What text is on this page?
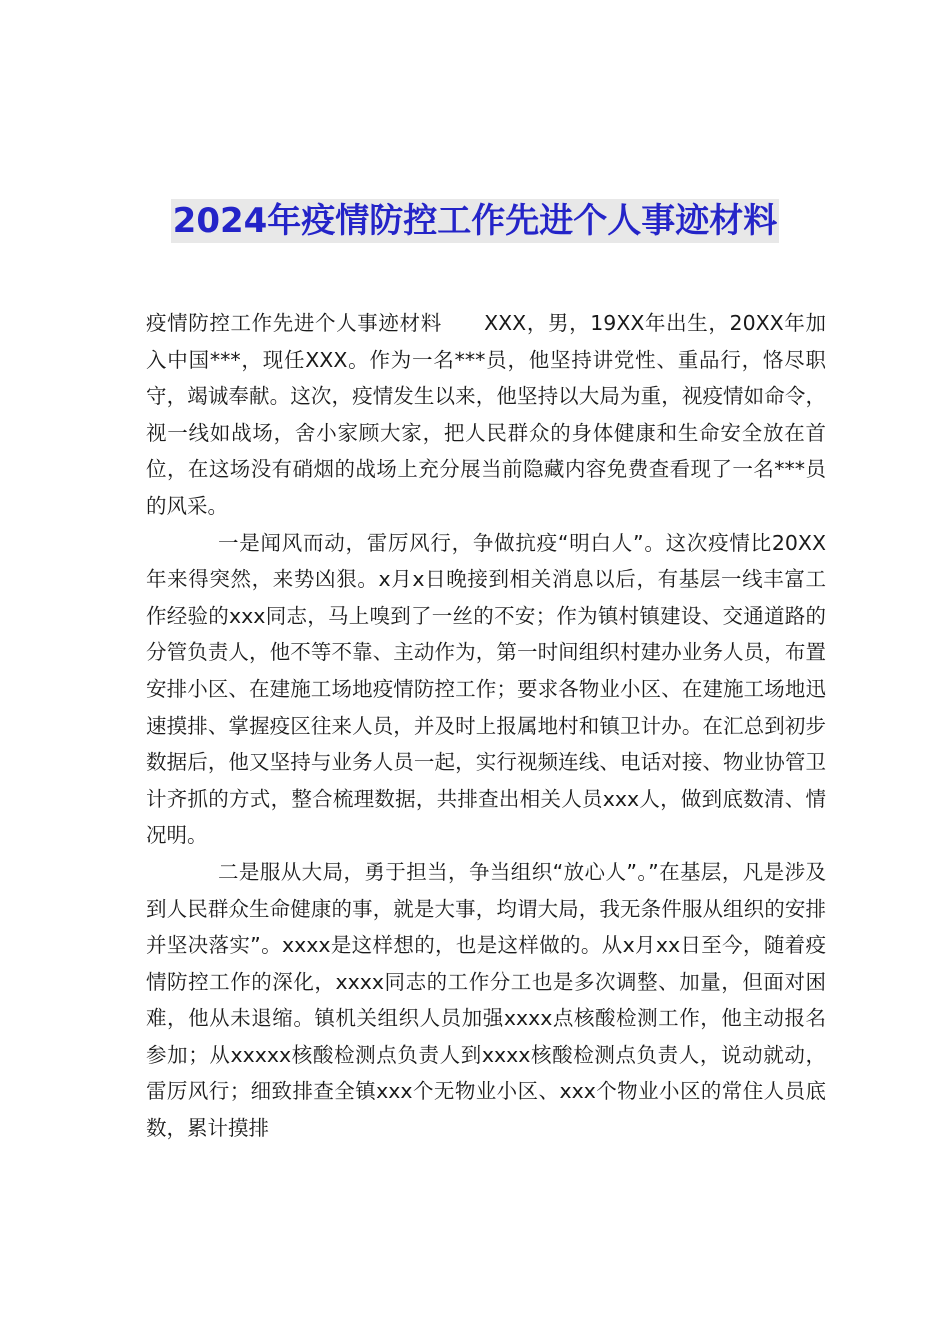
2024年疫情防控工作先进个人事迹材料

疫情防控工作先进个人事迹材料　　XXX，男，19XX年出生，20XX年加入中国***，现任XXX。作为一名***员，他坚持讲党性、重品行，恪尽职守，竭诚奉献。这次，疫情发生以来，他坚持以大局为重，视疫情如命令，视一线如战场，舍小家顾大家，把人民群众的身体健康和生命安全放在首位，在这场没有硝烟的战场上充分展当前隐藏内容免费查看现了一名***员的风采。

一是闻风而动，雷厉风行，争做抗疫“明白人”。这次疫情比20XX年来得突然，来势凶狠。x月x日晚接到相关消息以后，有基层一线丰富工作经验的xxx同志，马上嗅到了一丝的不安；作为镇村镇建设、交通道路的分管负责人，他不等不靠、主动作为，第一时间组织村建办业务人员，布置安排小区、在建施工场地疫情防控工作；要求各物业小区、在建施工场地迅速摸排、掌握疫区往来人员，并及时上报属地村和镇卫计办。在汇总到初步数据后，他又坚持与业务人员一起，实行视频连线、电话对接、物业协管卫计齐抓的方式，整合梳理数据，共排查出相关人员xxx人，做到底数清、情况明。

二是服从大局，勇于担当，争当组织“放心人”。”在基层，凡是涉及到人民群众生命健康的事，就是大事，均谓大局，我无条件服从组织的安排并坚决落实”。xxxx是这样想的，也是这样做的。从x月xx日至今，随着疫情防控工作的深化，xxxx同志的工作分工也是多次调整、加量，但面对困难，他从未退缩。镇机关组织人员加强xxxx点核酸检测工作，他主动报名参加；从xxxxx核酸检测点负责人到xxxx核酸检测点负责人，说动就动，雷厉风行；细致排查全镇xxx个无物业小区、xxx个物业小区的常住人员底数，累计摸排
